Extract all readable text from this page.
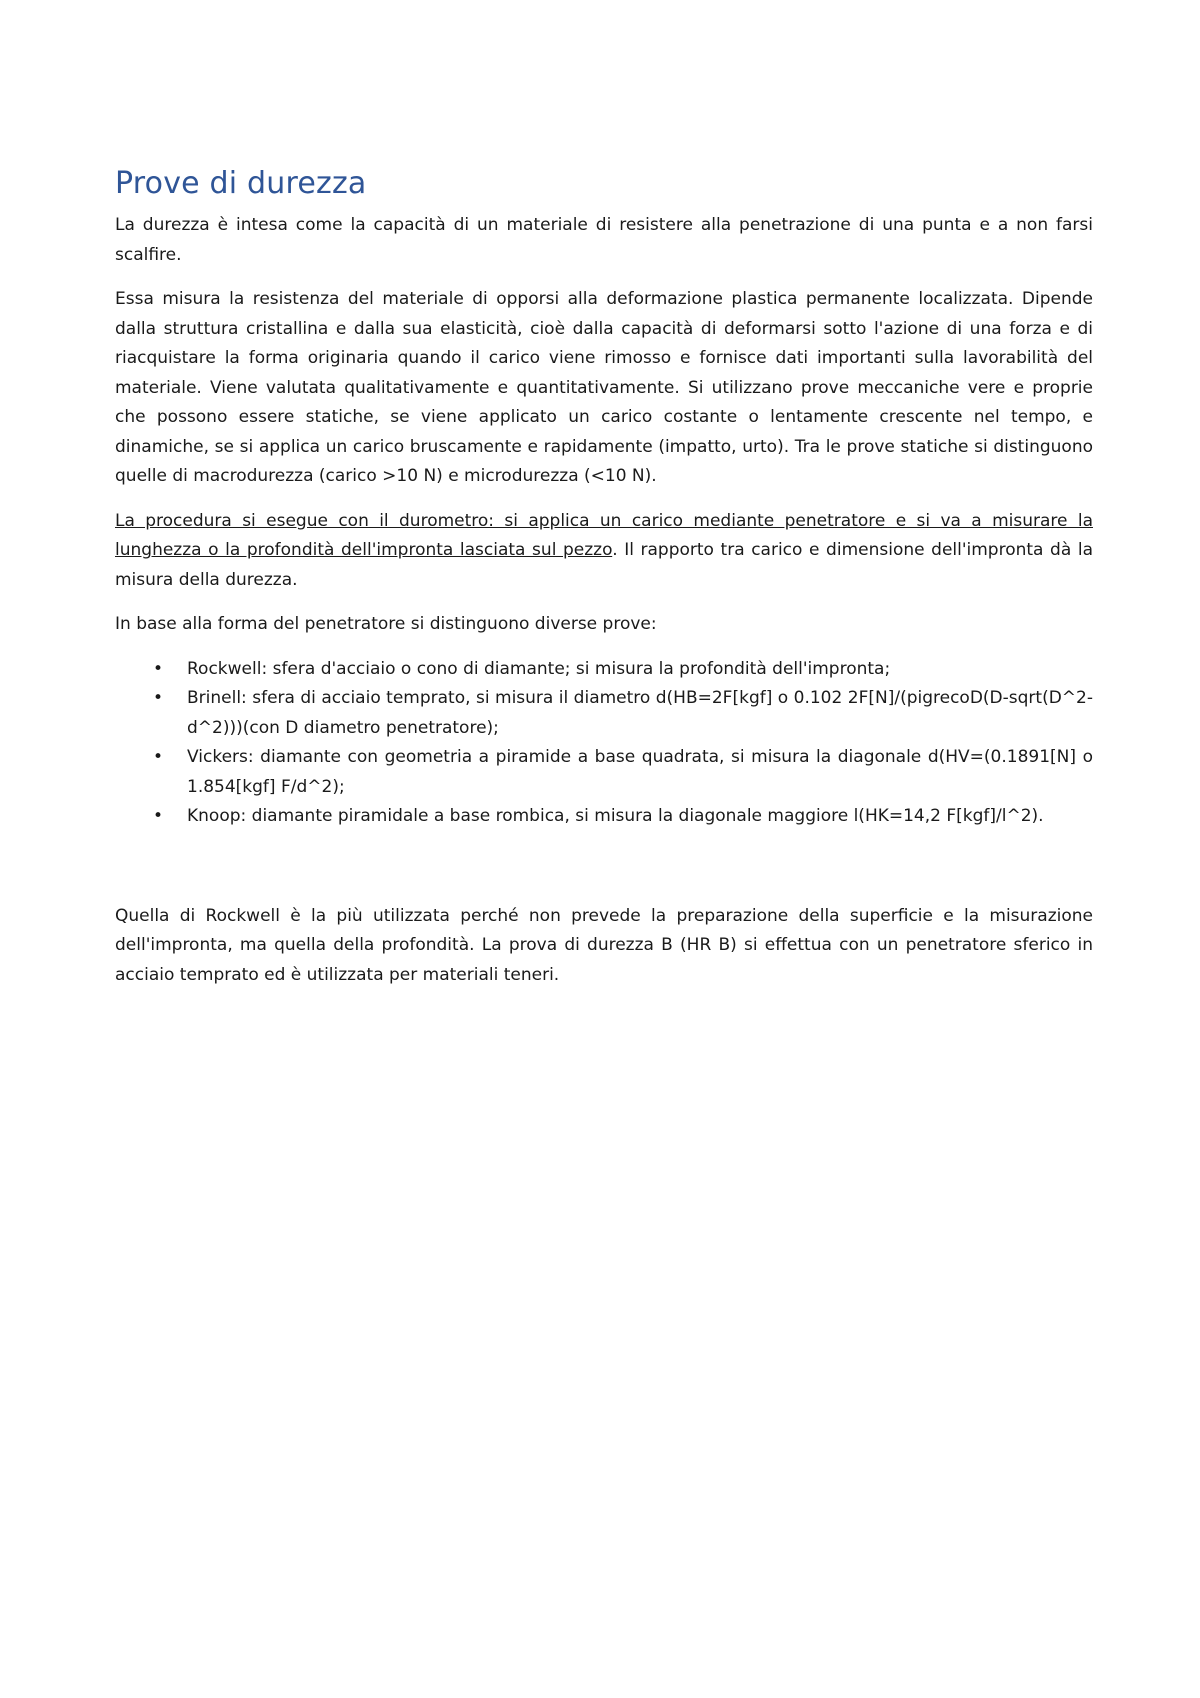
Prove di durezza

La durezza è intesa come la capacità di un materiale di resistere alla penetrazione di una punta e a non farsi scalfire.

Essa misura la resistenza del materiale di opporsi alla deformazione plastica permanente localizzata. Dipende dalla struttura cristallina e dalla sua elasticità, cioè dalla capacità di deformarsi sotto l'azione di una forza e di riacquistare la forma originaria quando il carico viene rimosso e fornisce dati importanti sulla lavorabilità del materiale. Viene valutata qualitativamente e quantitativamente. Si utilizzano prove meccaniche vere e proprie che possono essere statiche, se viene applicato un carico costante o lentamente crescente nel tempo, e dinamiche, se si applica un carico bruscamente e rapidamente (impatto, urto). Tra le prove statiche si distinguono quelle di macrodurezza (carico >10 N) e microdurezza (<10 N).

La procedura si esegue con il durometro: si applica un carico mediante penetratore e si va a misurare la lunghezza o la profondità dell'impronta lasciata sul pezzo. Il rapporto tra carico e dimensione dell'impronta dà la misura della durezza.

In base alla forma del penetratore si distinguono diverse prove:

• Rockwell: sfera d'acciaio o cono di diamante; si misura la profondità dell'impronta;
• Brinell: sfera di acciaio temprato, si misura il diametro d(HB=2F[kgf] o 0.102 2F[N]/(pigrecoD(D-sqrt(D^2-d^2)))(con D diametro penetratore);
• Vickers: diamante con geometria a piramide a base quadrata, si misura la diagonale d(HV=(0.1891[N] o 1.854[kgf] F/d^2);
• Knoop: diamante piramidale a base rombica, si misura la diagonale maggiore l(HK=14,2 F[kgf]/l^2).

Quella di Rockwell è la più utilizzata perché non prevede la preparazione della superficie e la misurazione dell'impronta, ma quella della profondità. La prova di durezza B (HR B) si effettua con un penetratore sferico in acciaio temprato ed è utilizzata per materiali teneri.
